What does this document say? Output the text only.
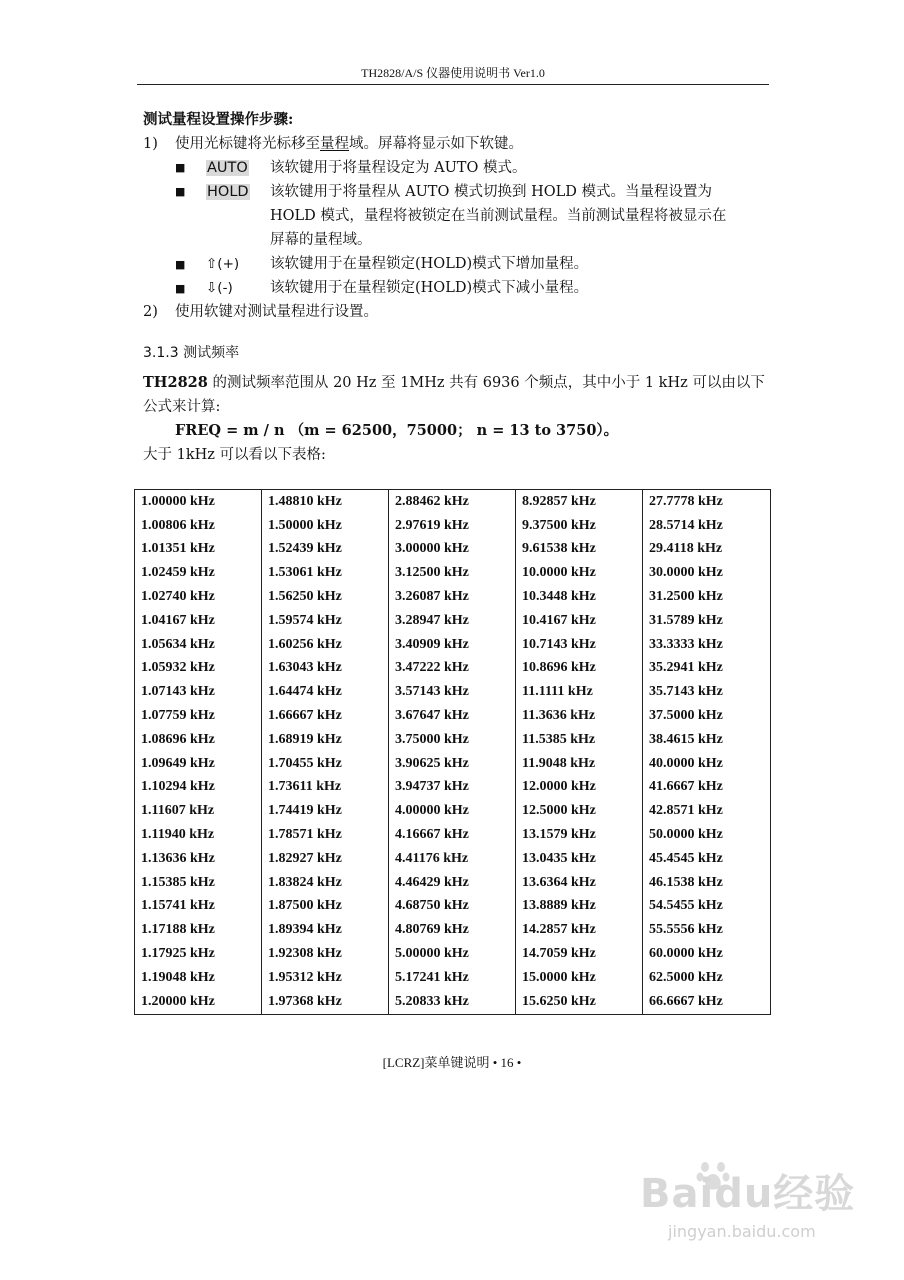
TH2828/A/S 仪器使用说明书 Ver1.0
测试量程设置操作步骤:
1) 使用光标键将光标移至量程域。屏幕将显示如下软键。
■ AUTO 该软键用于将量程设定为 AUTO 模式。
■ HOLD 该软键用于将量程从 AUTO 模式切换到 HOLD 模式。当量程设置为
HOLD 模式，量程将被锁定在当前测试量程。当前测试量程将被显示在
屏幕的量程域。
■ ⇧(+) 该软键用于在量程锁定(HOLD)模式下增加量程。
■ ⇩(-)	该软键用于在量程锁定(HOLD)模式下减小量程。
2) 使用软键对测试量程进行设置。
3.1.3 测试频率
TH2828 的测试频率范围从 20 Hz 至 1MHz 共有 6936 个频点，其中小于 1 kHz 可以由以下
公式来计算:
FREQ = m / n （m = 62500，75000； n = 13 to 3750）。
大于 1kHz 可以看以下表格:
1.00000 kHz	1.48810 kHz	2.88462 kHz	8.92857 kHz	27.7778 kHz
1.00806 kHz	1.50000 kHz	2.97619 kHz	9.37500 kHz	28.5714 kHz
1.01351 kHz	1.52439 kHz	3.00000 kHz	9.61538 kHz	29.4118 kHz
1.02459 kHz	1.53061 kHz	3.12500 kHz	10.0000 kHz	30.0000 kHz
1.02740 kHz	1.56250 kHz	3.26087 kHz	10.3448 kHz	31.2500 kHz
1.04167 kHz	1.59574 kHz	3.28947 kHz	10.4167 kHz	31.5789 kHz
1.05634 kHz	1.60256 kHz	3.40909 kHz	10.7143 kHz	33.3333 kHz
1.05932 kHz	1.63043 kHz	3.47222 kHz	10.8696 kHz	35.2941 kHz
1.07143 kHz	1.64474 kHz	3.57143 kHz	11.1111 kHz	35.7143 kHz
1.07759 kHz	1.66667 kHz	3.67647 kHz	11.3636 kHz	37.5000 kHz
1.08696 kHz	1.68919 kHz	3.75000 kHz	11.5385 kHz	38.4615 kHz
1.09649 kHz	1.70455 kHz	3.90625 kHz	11.9048 kHz	40.0000 kHz
1.10294 kHz	1.73611 kHz	3.94737 kHz	12.0000 kHz	41.6667 kHz
1.11607 kHz	1.74419 kHz	4.00000 kHz	12.5000 kHz	42.8571 kHz
1.11940 kHz	1.78571 kHz	4.16667 kHz	13.1579 kHz	50.0000 kHz
1.13636 kHz	1.82927 kHz	4.41176 kHz	13.0435 kHz	45.4545 kHz
1.15385 kHz	1.83824 kHz	4.46429 kHz	13.6364 kHz	46.1538 kHz
1.15741 kHz	1.87500 kHz	4.68750 kHz	13.8889 kHz	54.5455 kHz
1.17188 kHz	1.89394 kHz	4.80769 kHz	14.2857 kHz	55.5556 kHz
1.17925 kHz	1.92308 kHz	5.00000 kHz	14.7059 kHz	60.0000 kHz
1.19048 kHz	1.95312 kHz	5.17241 kHz	15.0000 kHz	62.5000 kHz
1.20000 kHz	1.97368 kHz	5.20833 kHz	15.6250 kHz	66.6667 kHz
[LCRZ]菜单键说明 • 16 •
Baidu经验
jingyan.baidu.com
